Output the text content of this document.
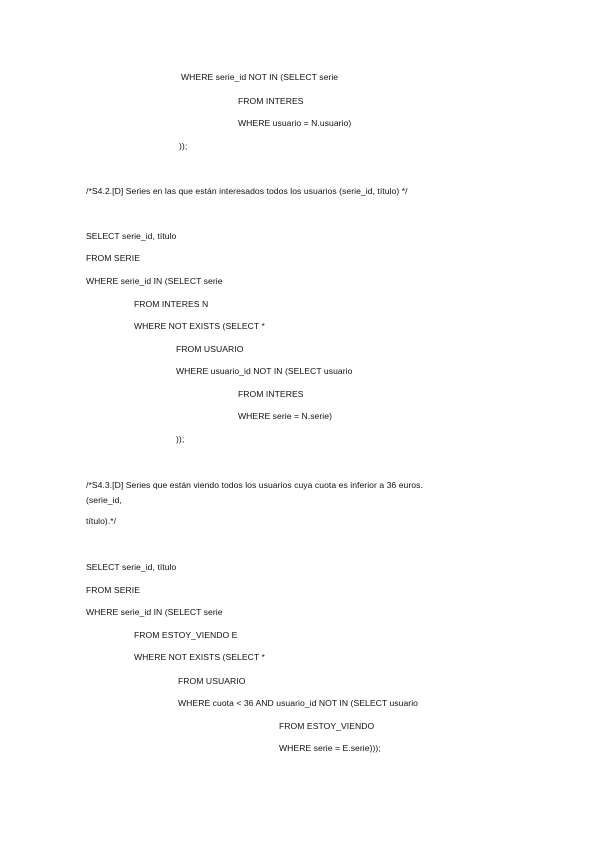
WHERE serie_id NOT IN (SELECT serie
FROM INTERES
WHERE usuario = N.usuario)
));
/*S4.2.[D] Series en las que están interesados todos los usuarios (serie_id, título) */
SELECT serie_id, título
FROM SERIE
WHERE serie_id IN (SELECT serie
FROM INTERES N
WHERE NOT EXISTS (SELECT *
FROM USUARIO
WHERE usuario_id NOT IN (SELECT usuario
FROM INTERES
WHERE serie = N.serie)
));
/*S4.3.[D] Series que están viendo todos los usuarios cuya cuota es inferior a 36 euros.
(serie_id,
título).*/
SELECT serie_id, título
FROM SERIE
WHERE serie_id IN (SELECT serie
FROM ESTOY_VIENDO E
WHERE NOT EXISTS (SELECT *
FROM USUARIO
WHERE cuota < 36 AND usuario_id NOT IN (SELECT usuario
FROM ESTOY_VIENDO
WHERE serie = E.serie)));
